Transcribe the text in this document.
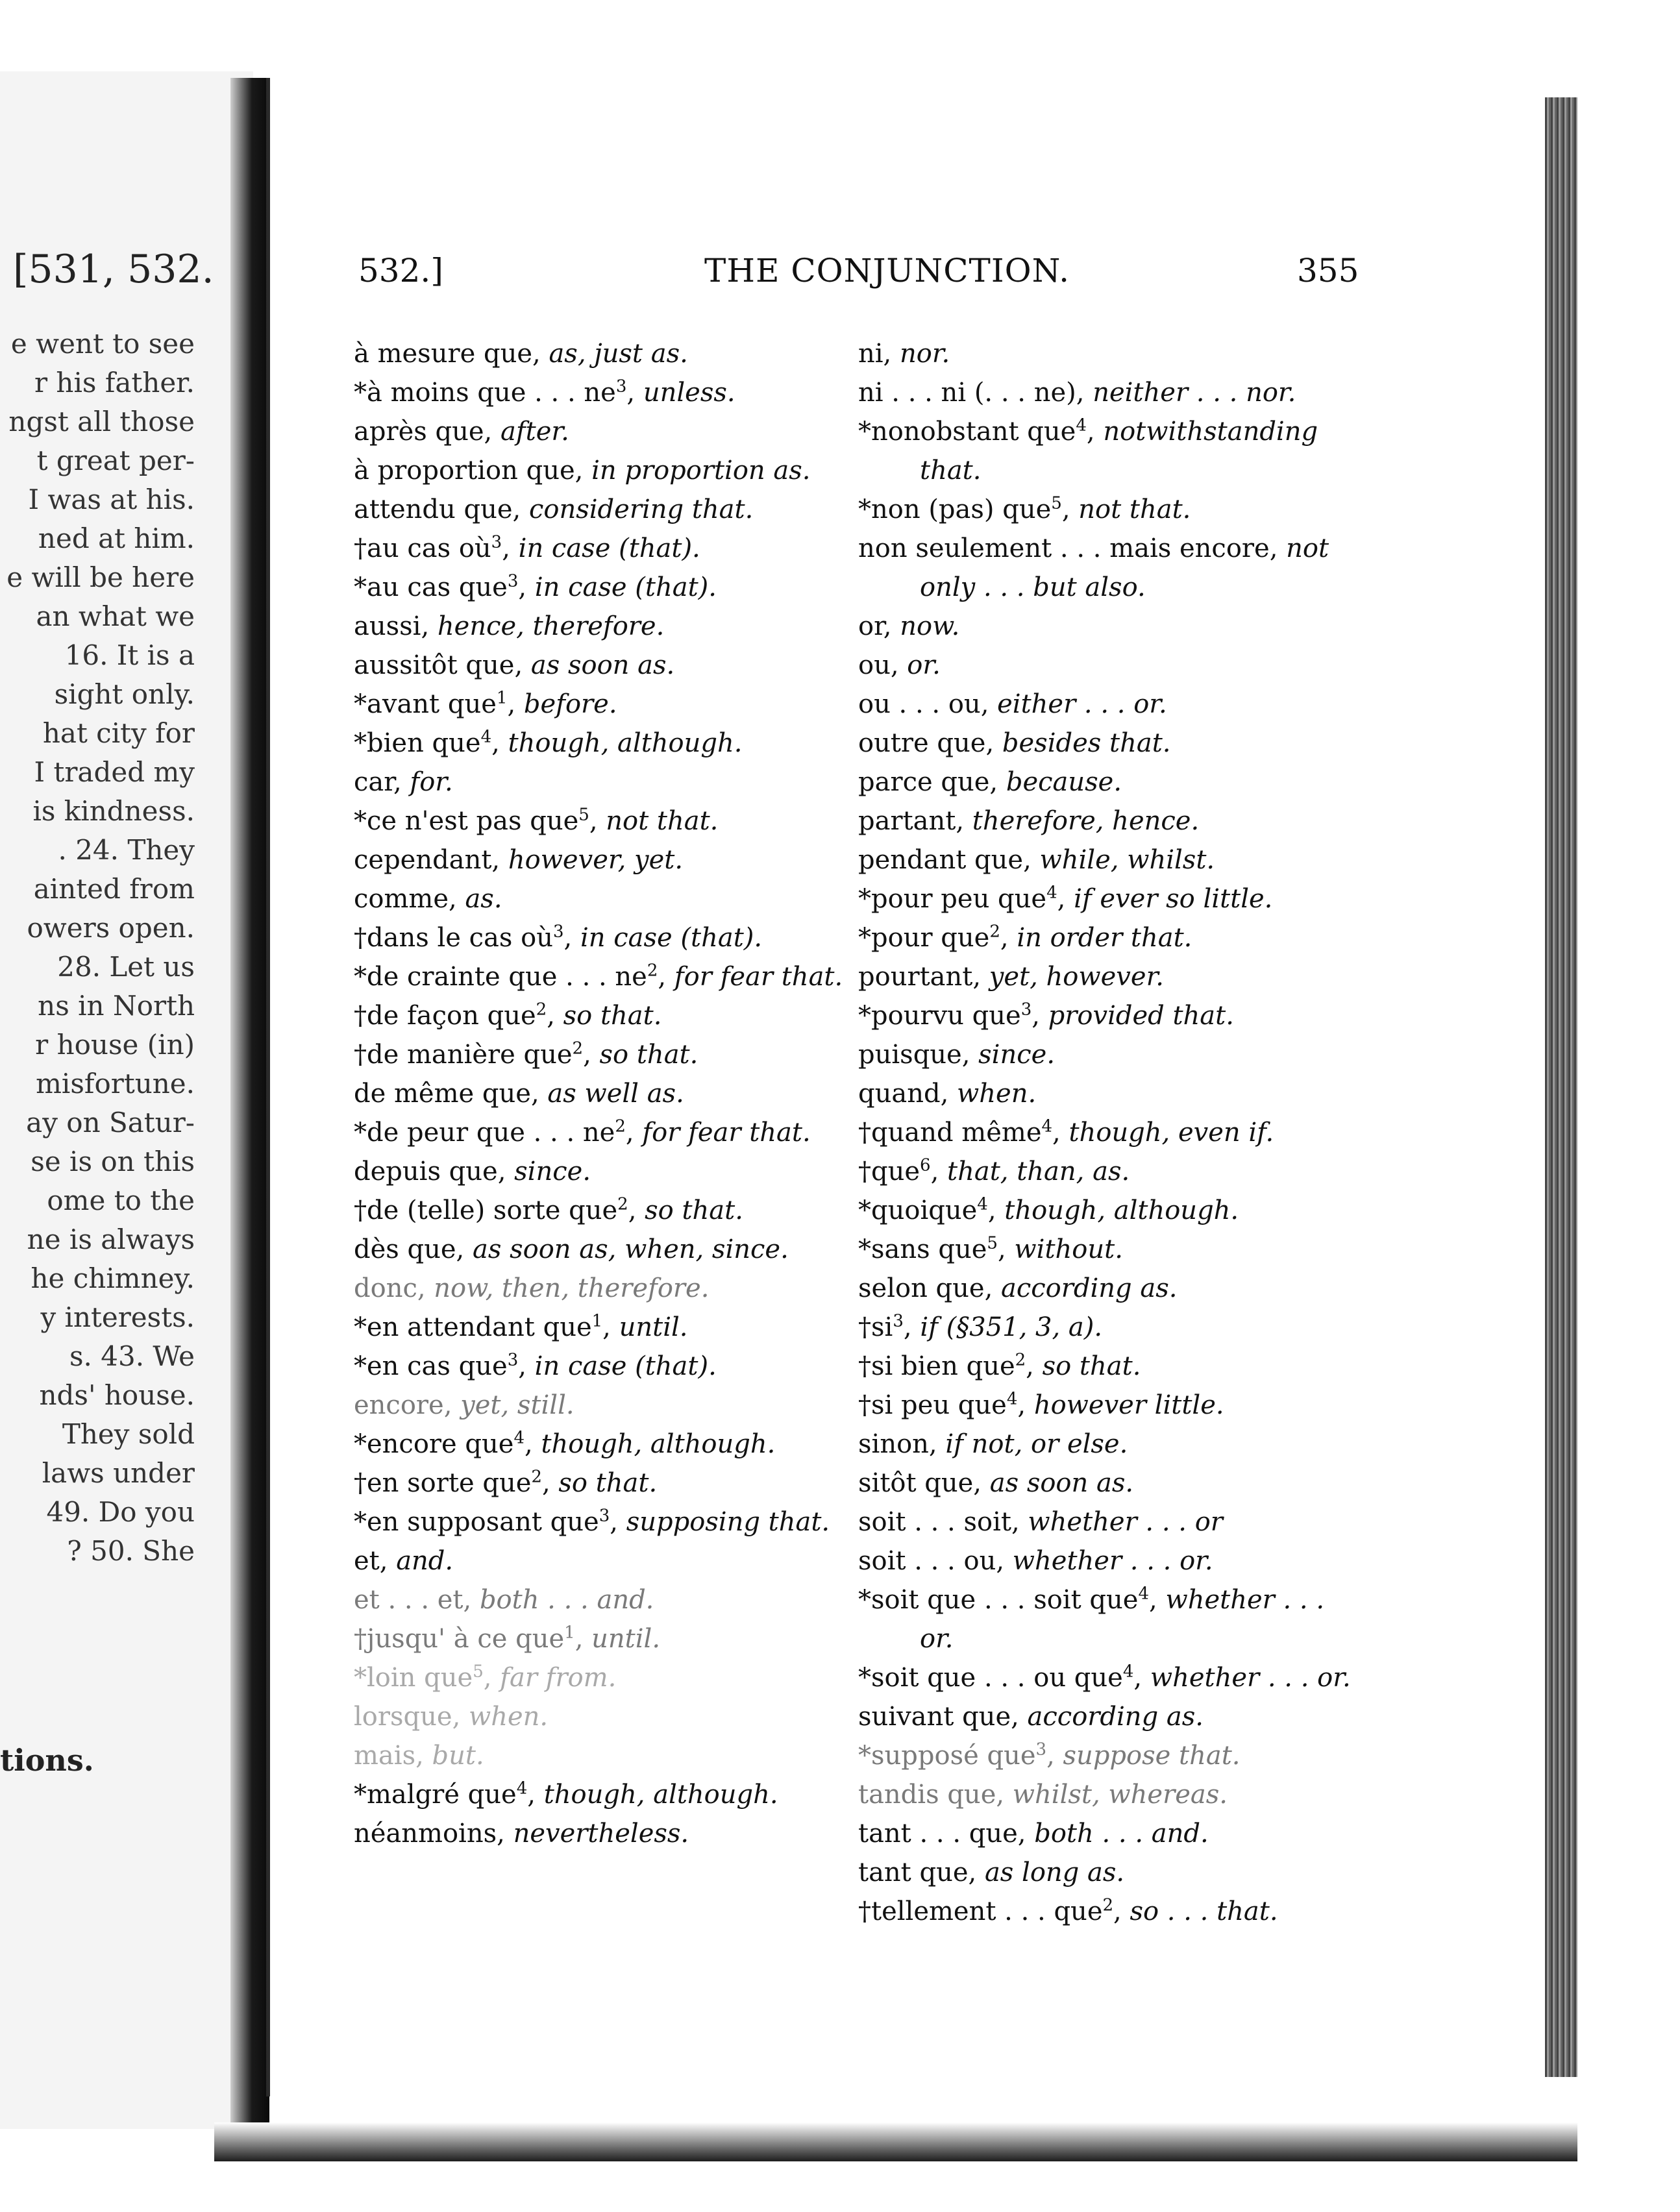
[531, 532.
e went to see
r his father.
ngst all those
t great per-
I was at his.
ned at him.
e will be here
an what we
16. It is a
sight only.
hat city for
I traded my
is kindness.
. 24. They
ainted from
owers open.
28. Let us
ns in North
r house (in)
misfortune.
ay on Satur-
se is on this
ome to the
ne is always
he chimney.
y interests.
s. 43. We
nds' house.
They sold
laws under
49. Do you
? 50. She
tions.
532.]	THE CONJUNCTION.	355
à mesure que, as, just as.
*à moins que . . . $ne^3$, unless.
après que, after.
à proportion que, in proportion as.
attendu que, considering that.
†au cas $où^3$, in case (that).
*au cas que$^3$, in case (that).
aussi, hence, therefore.
aussitôt que, as soon as.
*avant que$^1$, before.
*bien que$^4$, though, although.
car, for.
*ce n'est pas que$^5$, not that.
cependant, however, yet.
comme, as.
†dans le cas $où^3$, in case (that).
*de crainte que . . . $ne^2$, for fear that.
†de façon que$^2$, so that.
†de manière que$^2$, so that.
de même que, as well as.
*de peur que . . . $ne^2$, for fear that.
depuis que, since.
†de (telle) sorte que$^2$, so that.
dès que, as soon as, when, since.
donc, now, then, therefore.
*en attendant que$^1$, until.
*en cas que$^3$, in case (that).
encore, yet, still.
*encore que$^4$, though, although.
†en sorte que$^2$, so that.
*en supposant que$^3$, supposing that.
et, and.
et . . . et, both . . . and.
†jusqu' à ce que$^1$, until.
*loin que$^5$, far from.
lorsque, when.
mais, but.
*malgré que$^4$, though, although.
néanmoins, nevertheless.
ni, nor.
ni . . . ni (. . . ne), neither . . . nor.
*nonobstant que$^4$, notwithstanding that.
*non (pas) que$^5$, not that.
non seulement . . . mais encore, not only . . . but also.
or, now.
ou, or.
ou . . . ou, either . . . or.
outre que, besides that.
parce que, because.
partant, therefore, hence.
pendant que, while, whilst.
*pour peu que$^4$, if ever so little.
*pour que$^2$, in order that.
pourtant, yet, however.
*pourvu que$^3$, provided that.
puisque, since.
quand, when.
†quand même$^4$, though, even if.
†que$^6$, that, than, as.
*quoique$^4$, though, although.
*sans que$^5$, without.
selon que, according as.
$\dagger si^3$, if (§351, 3, a).
†si bien que$^2$, so that.
†si peu que$^4$, however little.
sinon, if not, or else.
sitôt que, as soon as.
soit . . . soit, whether . . . or
soit . . . ou, whether . . . or.
*soit que . . . soit que$^4$, whether . . . or.
*soit que . . . ou que$^4$, whether . . . or.
suivant que, according as.
*supposé que$^3$, suppose that.
tandis que, whilst, whereas.
tant . . . que, both . . . and.
tant que, as long as.
†tellement . . . que$^2$, so . . . that.
